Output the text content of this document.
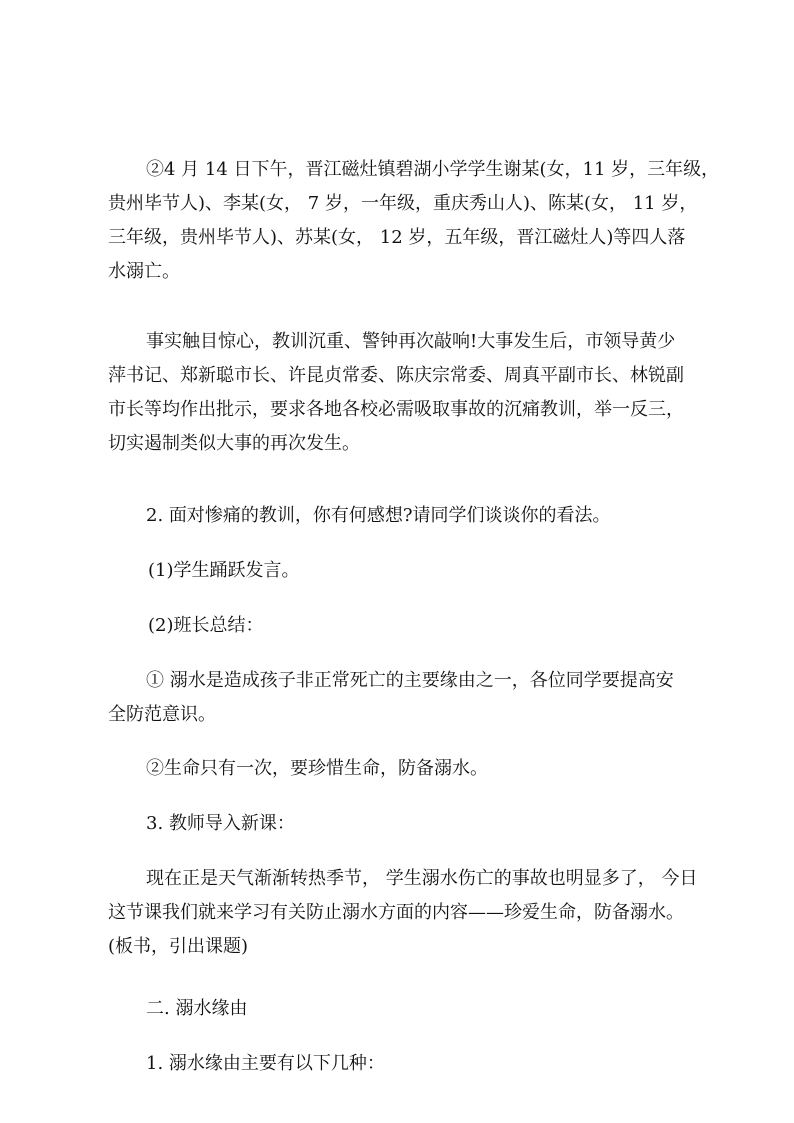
②4 月 14 日下午，晋江磁灶镇碧湖小学学生谢某(女，11 岁，三年级，
贵州毕节人)、李某(女， 7 岁，一年级，重庆秀山人)、陈某(女， 11 岁，
三年级，贵州毕节人)、苏某(女， 12 岁，五年级，晋江磁灶人)等四人落
水溺亡。
事实触目惊心，教训沉重、警钟再次敲响!大事发生后，市领导黄少
萍书记、郑新聪市长、许昆贞常委、陈庆宗常委、周真平副市长、林锐副
市长等均作出批示，要求各地各校必需吸取事故的沉痛教训，举一反三，
切实遏制类似大事的再次发生。
2. 面对惨痛的教训，你有何感想?请同学们谈谈你的看法。
(1)学生踊跃发言。
(2)班长总结：
① 溺水是造成孩子非正常死亡的主要缘由之一，各位同学要提高安
全防范意识。
②生命只有一次，要珍惜生命，防备溺水。
3. 教师导入新课：
现在正是天气渐渐转热季节， 学生溺水伤亡的事故也明显多了， 今日
这节课我们就来学习有关防止溺水方面的内容——珍爱生命，防备溺水。
(板书，引出课题)
二. 溺水缘由
1. 溺水缘由主要有以下几种：
